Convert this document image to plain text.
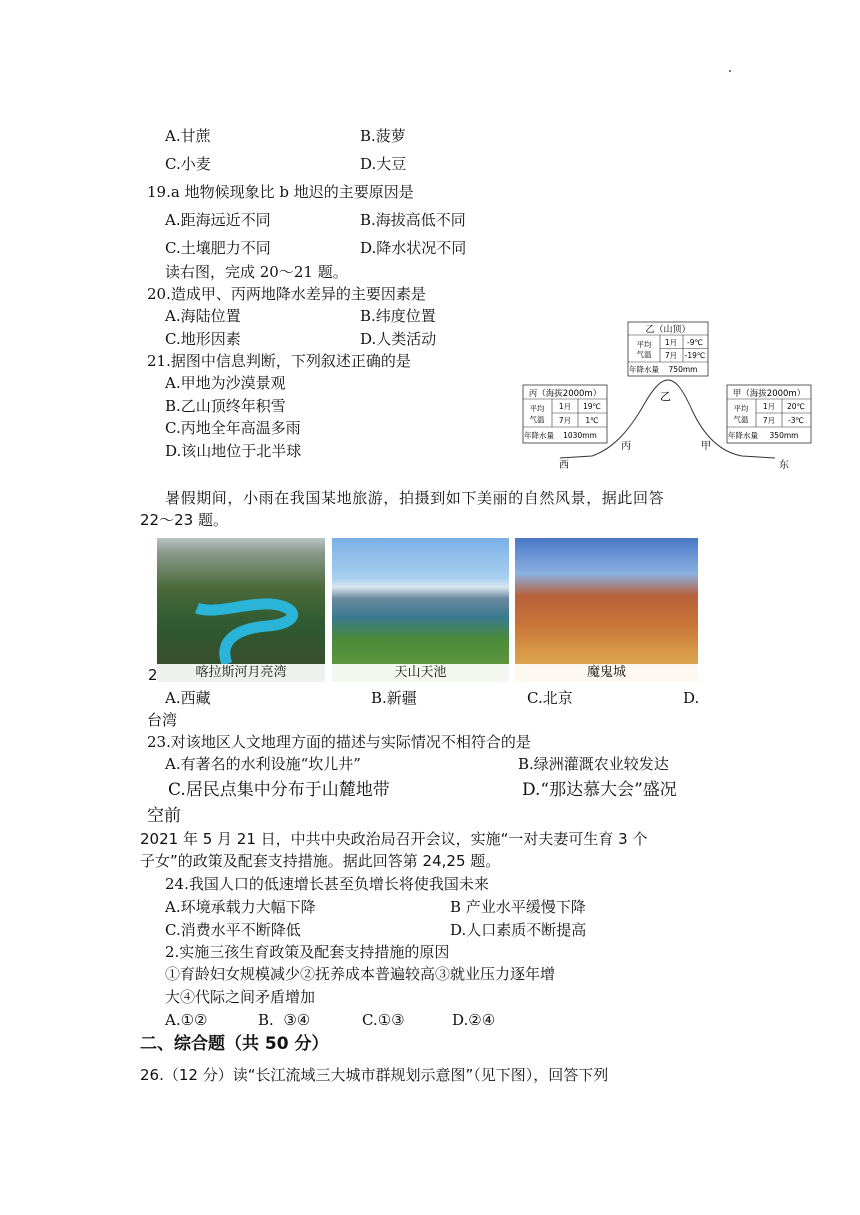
A.甘蔗	B.菠萝
C.小麦	D.大豆
19.a 地物候现象比 b 地迟的主要原因是
A.距海远近不同	B.海拔高低不同
C.土壤肥力不同	D.降水状况不同
读右图，完成 20～21 题。
20.造成甲、丙两地降水差异的主要因素是
A.海陆位置	B.纬度位置
C.地形因素	D.人类活动
21.据图中信息判断，下列叙述正确的是
A.甲地为沙漠景观
B.乙山顶终年积雪
C.丙地全年高温多雨
D.该山地位于北半球
乙（山顶）
平均
气温
1月 -9℃
7月 -19℃
年降水量 750mm
丙（海拔2000m）
平均
气温
1月 19℃
7月 1℃
年降水量 1030mm
甲（海拔2000m）
平均
气温
1月 20℃
7月 -3℃
年降水量 350mm
乙
丙	甲
西	东
暑假期间，小雨在我国某地旅游，拍摄到如下美丽的自然风景，据此回答
22～23 题。
喀拉斯河月亮湾	天山天池	魔鬼城
2
A.西藏	B.新疆	C.北京	D.
台湾
23.对该地区人文地理方面的描述与实际情况不相符合的是
A.有著名的水利设施“坎儿井”	B.绿洲灌溉农业较发达
C.居民点集中分布于山麓地带	D.“那达慕大会”盛况
空前
2021 年 5 月 21 日，中共中央政治局召开会议，实施“一对夫妻可生育 3 个
子女”的政策及配套支持措施。据此回答第 24,25 题。
24.我国人口的低速增长甚至负增长将使我国未来
A.环境承载力大幅下降	B 产业水平缓慢下降
C.消费水平不断降低	D.人口素质不断提高
2.实施三孩生育政策及配套支持措施的原因
①育龄妇女规模减少②抚养成本普遍较高③就业压力逐年增
大④代际之间矛盾增加
A.①②	B.  ③④	C.①③	D.②④
二、综合题（共 50 分）
26.（12 分）读“长江流域三大城市群规划示意图”（见下图），回答下列
